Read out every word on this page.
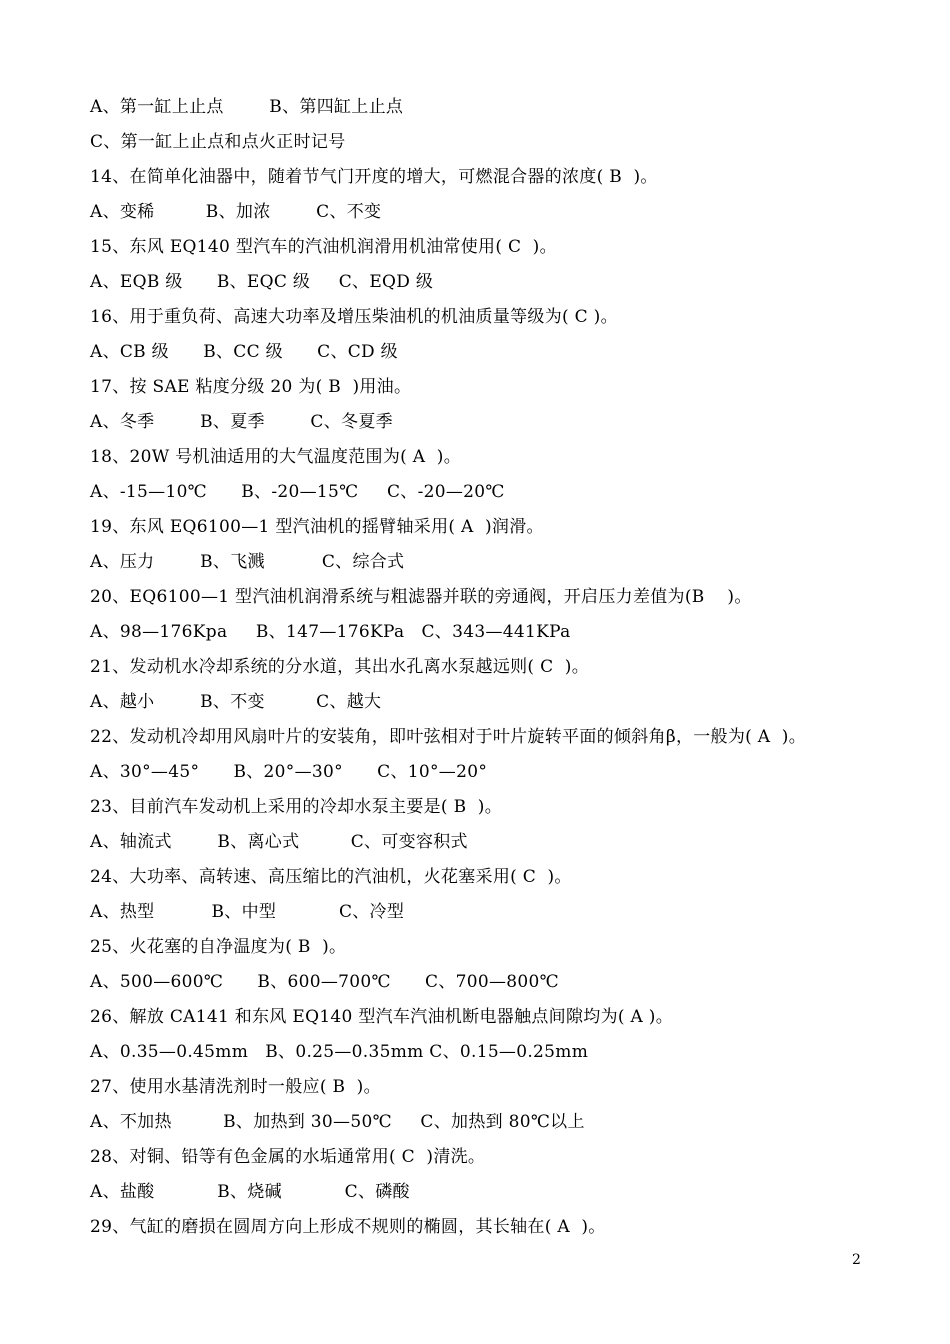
A、第一缸上止点        B、第四缸上止点
C、第一缸上止点和点火正时记号
14、在简单化油器中，随着节气门开度的增大，可燃混合器的浓度( B  )。
A、变稀         B、加浓        C、不变
15、东风 EQ140 型汽车的汽油机润滑用机油常使用( C  )。
A、EQB 级      B、EQC 级     C、EQD 级
16、用于重负荷、高速大功率及增压柴油机的机油质量等级为( C )。
A、CB 级      B、CC 级      C、CD 级
17、按 SAE 粘度分级 20 为( B  )用油。
A、冬季        B、夏季        C、冬夏季
18、20W 号机油适用的大气温度范围为( A  )。
A、-15—10℃      B、-20—15℃     C、-20—20℃
19、东风 EQ6100—1 型汽油机的摇臂轴采用( A  )润滑。
A、压力        B、飞溅          C、综合式
20、EQ6100—1 型汽油机润滑系统与粗滤器并联的旁通阀，开启压力差值为(B    )。
A、98—176Kpa     B、147—176KPa   C、343—441KPa
21、发动机水冷却系统的分水道，其出水孔离水泵越远则( C  )。
A、越小        B、不变         C、越大
22、发动机冷却用风扇叶片的安装角，即叶弦相对于叶片旋转平面的倾斜角β，一般为( A  )。
A、30°—45°      B、20°—30°      C、10°—20°
23、目前汽车发动机上采用的冷却水泵主要是( B  )。
A、轴流式        B、离心式         C、可变容积式
24、大功率、高转速、高压缩比的汽油机，火花塞采用( C  )。
A、热型          B、中型           C、冷型
25、火花塞的自净温度为( B  )。
A、500—600℃      B、600—700℃      C、700—800℃
26、解放 CA141 和东风 EQ140 型汽车汽油机断电器触点间隙均为( A )。
A、0.35—0.45mm   B、0.25—0.35mm C、0.15—0.25mm
27、使用水基清洗剂时一般应( B  )。
A、不加热         B、加热到 30—50℃     C、加热到 80℃以上
28、对铜、铅等有色金属的水垢通常用( C  )清洗。
A、盐酸           B、烧碱           C、磷酸
29、气缸的磨损在圆周方向上形成不规则的椭圆，其长轴在( A  )。
2
